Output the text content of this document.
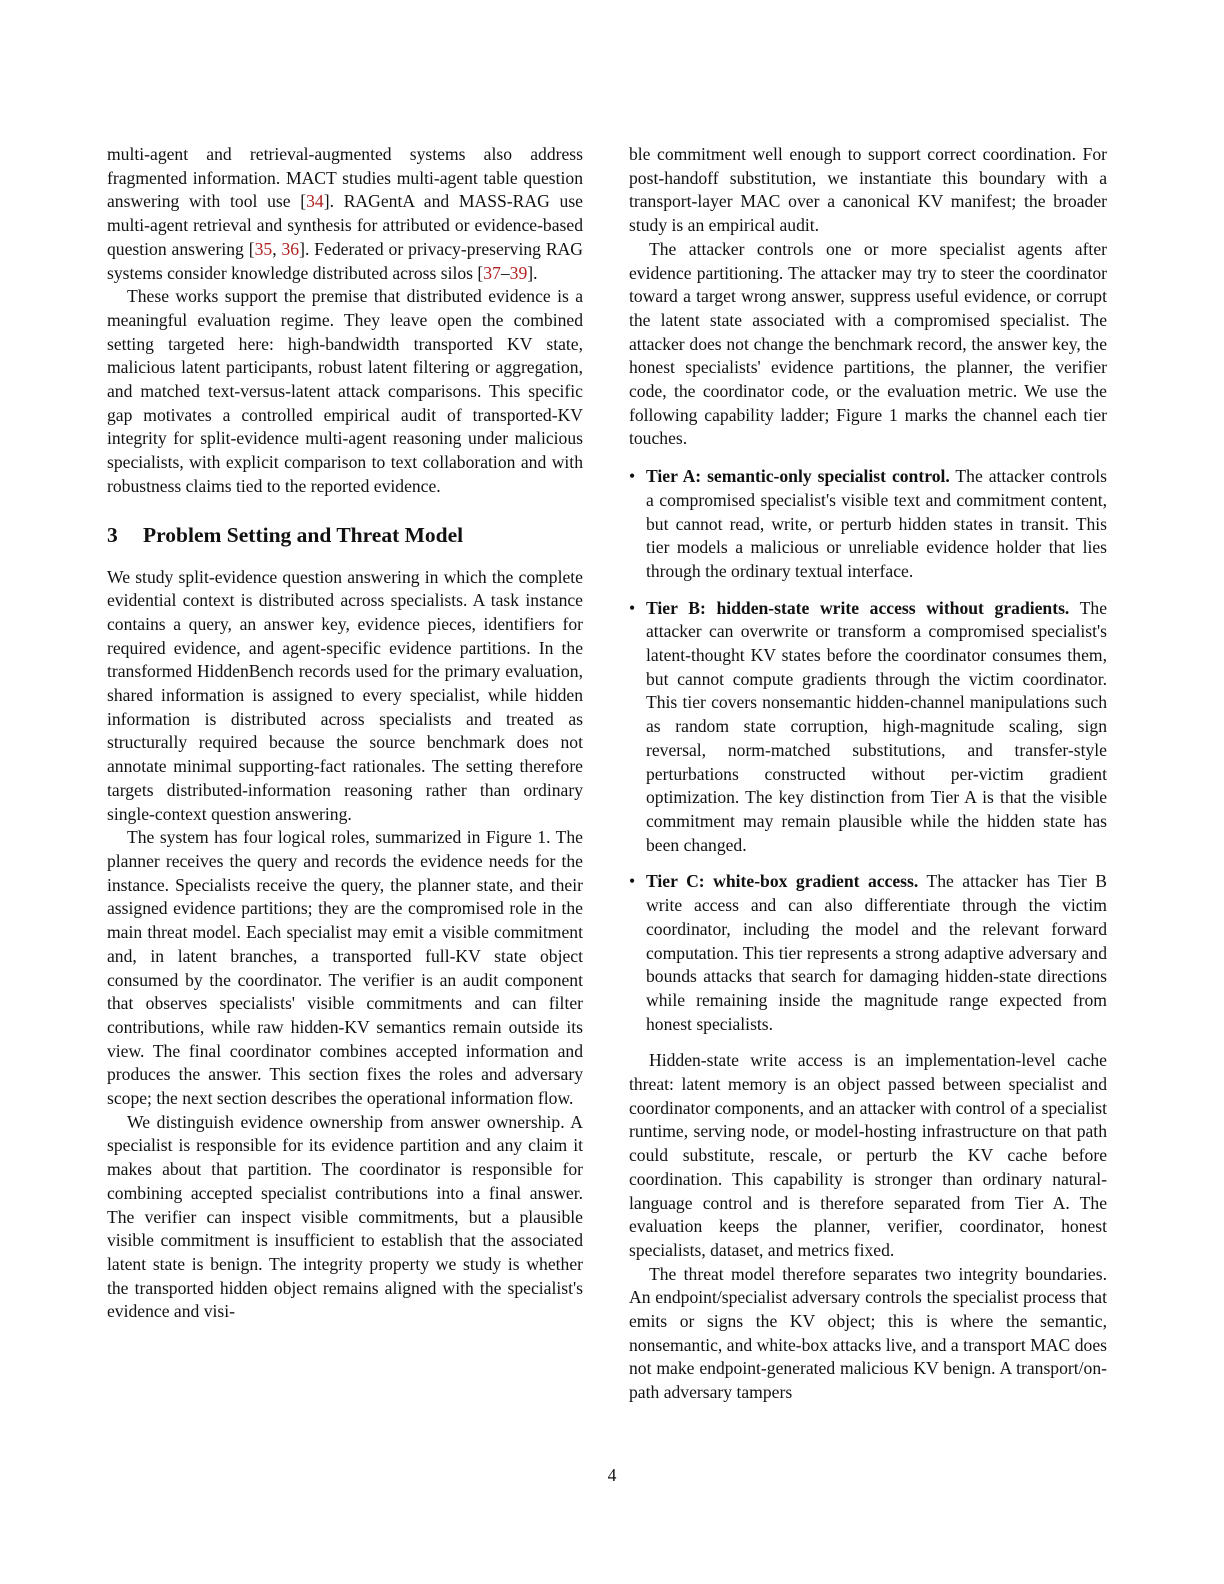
multi-agent and retrieval-augmented systems also address fragmented information. MACT studies multi-agent table question answering with tool use [34]. RAGentA and MASS-RAG use multi-agent retrieval and synthesis for attributed or evidence-based question answering [35, 36]. Federated or privacy-preserving RAG systems consider knowledge distributed across silos [37–39].

These works support the premise that distributed evidence is a meaningful evaluation regime. They leave open the combined setting targeted here: high-bandwidth transported KV state, malicious latent participants, robust latent filtering or aggregation, and matched text-versus-latent attack comparisons. This specific gap motivates a controlled empirical audit of transported-KV integrity for split-evidence multi-agent reasoning under malicious specialists, with explicit comparison to text collaboration and with robustness claims tied to the reported evidence.

3 Problem Setting and Threat Model

We study split-evidence question answering in which the complete evidential context is distributed across specialists. A task instance contains a query, an answer key, evidence pieces, identifiers for required evidence, and agent-specific evidence partitions. In the transformed HiddenBench records used for the primary evaluation, shared information is assigned to every specialist, while hidden information is distributed across specialists and treated as structurally required because the source benchmark does not annotate minimal supporting-fact rationales. The setting therefore targets distributed-information reasoning rather than ordinary single-context question answering.

The system has four logical roles, summarized in Figure 1. The planner receives the query and records the evidence needs for the instance. Specialists receive the query, the planner state, and their assigned evidence partitions; they are the compromised role in the main threat model. Each specialist may emit a visible commitment and, in latent branches, a transported full-KV state object consumed by the coordinator. The verifier is an audit component that observes specialists' visible commitments and can filter contributions, while raw hidden-KV semantics remain outside its view. The final coordinator combines accepted information and produces the answer. This section fixes the roles and adversary scope; the next section describes the operational information flow.

We distinguish evidence ownership from answer ownership. A specialist is responsible for its evidence partition and any claim it makes about that partition. The coordinator is responsible for combining accepted specialist contributions into a final answer. The verifier can inspect visible commitments, but a plausible visible commitment is insufficient to establish that the associated latent state is benign. The integrity property we study is whether the transported hidden object remains aligned with the specialist's evidence and visi-

ble commitment well enough to support correct coordination. For post-handoff substitution, we instantiate this boundary with a transport-layer MAC over a canonical KV manifest; the broader study is an empirical audit.

The attacker controls one or more specialist agents after evidence partitioning. The attacker may try to steer the coordinator toward a target wrong answer, suppress useful evidence, or corrupt the latent state associated with a compromised specialist. The attacker does not change the benchmark record, the answer key, the honest specialists' evidence partitions, the planner, the verifier code, the coordinator code, or the evaluation metric. We use the following capability ladder; Figure 1 marks the channel each tier touches.

• Tier A: semantic-only specialist control. The attacker controls a compromised specialist's visible text and commitment content, but cannot read, write, or perturb hidden states in transit. This tier models a malicious or unreliable evidence holder that lies through the ordinary textual interface.
• Tier B: hidden-state write access without gradients. The attacker can overwrite or transform a compromised specialist's latent-thought KV states before the coordinator consumes them, but cannot compute gradients through the victim coordinator. This tier covers nonsemantic hidden-channel manipulations such as random state corruption, high-magnitude scaling, sign reversal, norm-matched substitutions, and transfer-style perturbations constructed without per-victim gradient optimization. The key distinction from Tier A is that the visible commitment may remain plausible while the hidden state has been changed.
• Tier C: white-box gradient access. The attacker has Tier B write access and can also differentiate through the victim coordinator, including the model and the relevant forward computation. This tier represents a strong adaptive adversary and bounds attacks that search for damaging hidden-state directions while remaining inside the magnitude range expected from honest specialists.

Hidden-state write access is an implementation-level cache threat: latent memory is an object passed between specialist and coordinator components, and an attacker with control of a specialist runtime, serving node, or model-hosting infrastructure on that path could substitute, rescale, or perturb the KV cache before coordination. This capability is stronger than ordinary natural-language control and is therefore separated from Tier A. The evaluation keeps the planner, verifier, coordinator, honest specialists, dataset, and metrics fixed.

The threat model therefore separates two integrity boundaries. An endpoint/specialist adversary controls the specialist process that emits or signs the KV object; this is where the semantic, nonsemantic, and white-box attacks live, and a transport MAC does not make endpoint-generated malicious KV benign. A transport/on-path adversary tampers

4
